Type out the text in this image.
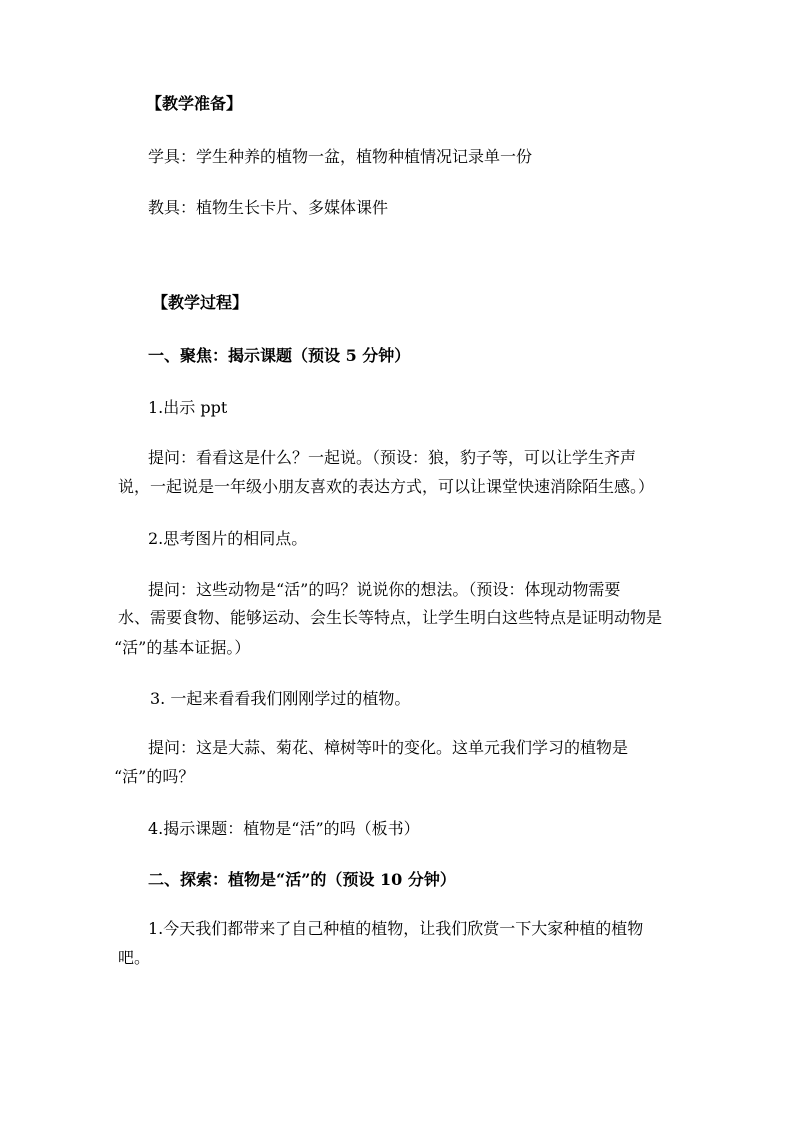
【教学准备】
学具：学生种养的植物一盆，植物种植情况记录单一份
教具：植物生长卡片、多媒体课件
【教学过程】
一、聚焦：揭示课题（预设 5 分钟）
1.出示 ppt
提问：看看这是什么？一起说。（预设：狼，豹子等，可以让学生齐声
说，一起说是一年级小朋友喜欢的表达方式，可以让课堂快速消除陌生感。）
2.思考图片的相同点。
提问：这些动物是“活”的吗？说说你的想法。（预设：体现动物需要
水、需要食物、能够运动、会生长等特点，让学生明白这些特点是证明动物是
“活”的基本证据。）
3. 一起来看看我们刚刚学过的植物。
提问：这是大蒜、菊花、樟树等叶的变化。这单元我们学习的植物是
“活”的吗？
4.揭示课题：植物是“活”的吗（板书）
二、探索：植物是“活”的（预设 10 分钟）
1.今天我们都带来了自己种植的植物，让我们欣赏一下大家种植的植物
吧。
